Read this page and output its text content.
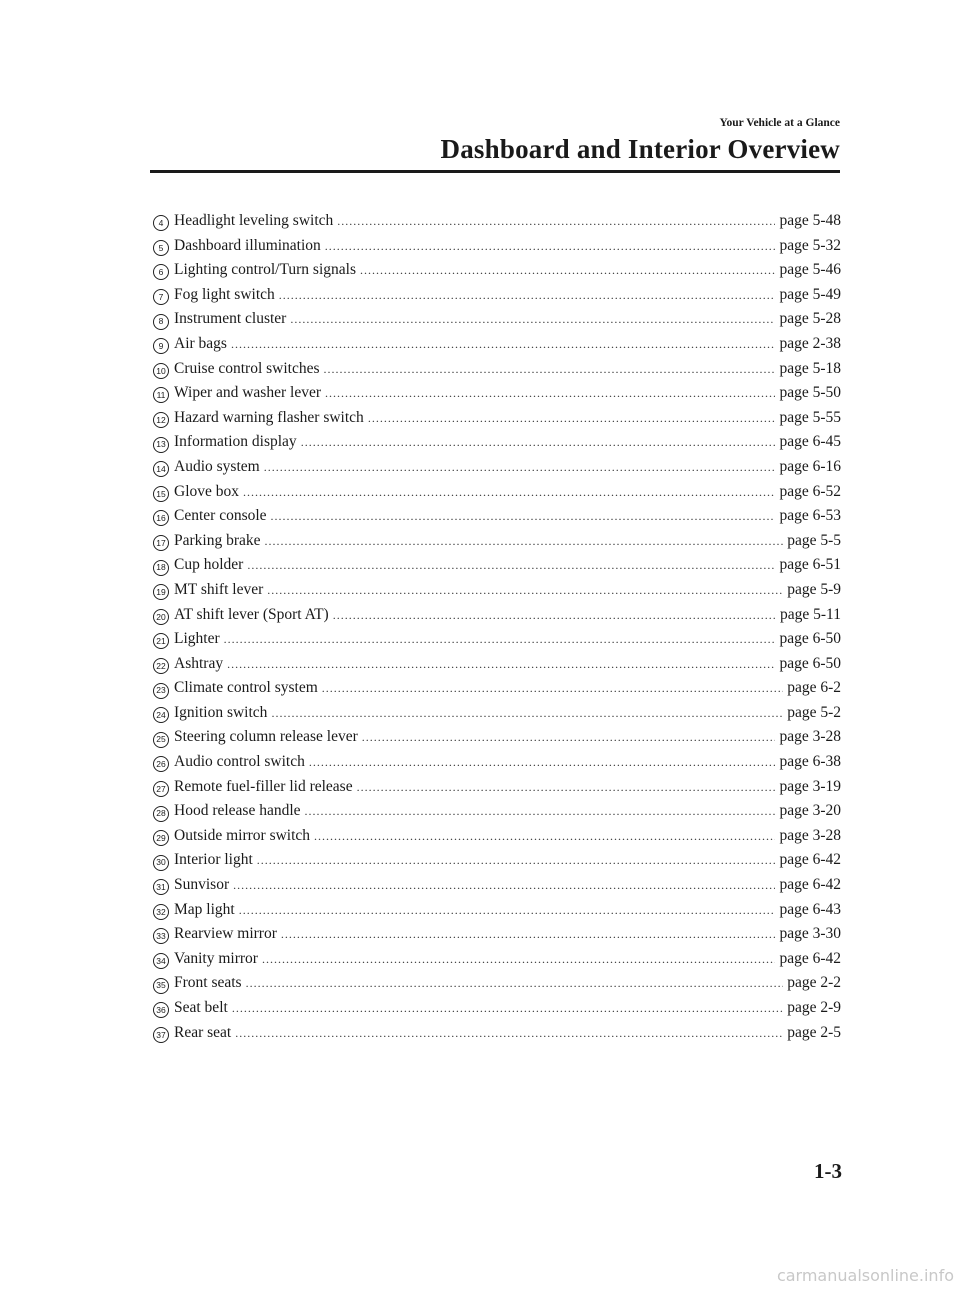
Your Vehicle at a Glance
Dashboard and Interior Overview
4 Headlight leveling switch .....	page 5-48
5 Dashboard illumination .....	page 5-32
6 Lighting control/Turn signals .....	page 5-46
7 Fog light switch .....	page 5-49
8 Instrument cluster .....	page 5-28
9 Air bags .....	page 2-38
10 Cruise control switches .....	page 5-18
11 Wiper and washer lever .....	page 5-50
12 Hazard warning flasher switch .....	page 5-55
13 Information display .....	page 6-45
14 Audio system .....	page 6-16
15 Glove box .....	page 6-52
16 Center console .....	page 6-53
17 Parking brake .....	page 5-5
18 Cup holder .....	page 6-51
19 MT shift lever .....	page 5-9
20 AT shift lever (Sport AT) .....	page 5-11
21 Lighter .....	page 6-50
22 Ashtray .....	page 6-50
23 Climate control system .....	page 6-2
24 Ignition switch .....	page 5-2
25 Steering column release lever .....	page 3-28
26 Audio control switch .....	page 6-38
27 Remote fuel-filler lid release .....	page 3-19
28 Hood release handle .....	page 3-20
29 Outside mirror switch .....	page 3-28
30 Interior light .....	page 6-42
31 Sunvisor .....	page 6-42
32 Map light .....	page 6-43
33 Rearview mirror .....	page 3-30
34 Vanity mirror .....	page 6-42
35 Front seats .....	page 2-2
36 Seat belt .....	page 2-9
37 Rear seat .....	page 2-5
1-3
carmanualsonline.info
